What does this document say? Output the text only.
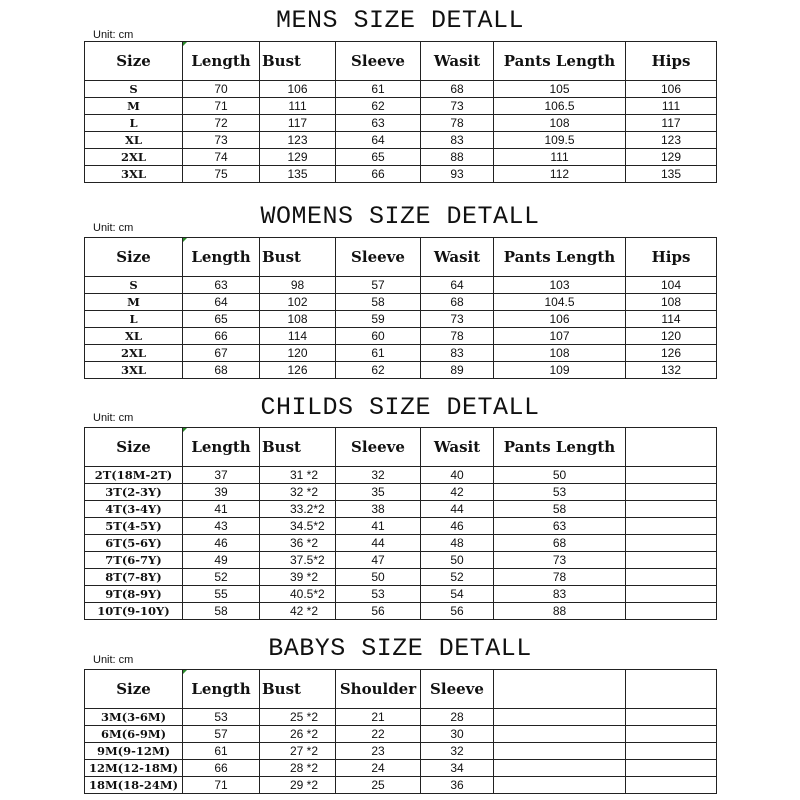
Unit: cm	MENS SIZE DETALL
Size	Length	Bust	Sleeve	Wasit	Pants Length	Hips
S	70	106	61	68	105	106
M	71	111	62	73	106.5	111
L	72	117	63	78	108	117
XL	73	123	64	83	109.5	123
2XL	74	129	65	88	111	129
3XL	75	135	66	93	112	135
Unit: cm	WOMENS SIZE DETALL
Size	Length	Bust	Sleeve	Wasit	Pants Length	Hips
S	63	98	57	64	103	104
M	64	102	58	68	104.5	108
L	65	108	59	73	106	114
XL	66	114	60	78	107	120
2XL	67	120	61	83	108	126
3XL	68	126	62	89	109	132
Unit: cm	CHILDS SIZE DETALL
Size	Length	Bust	Sleeve	Wasit	Pants Length	
2T(18M-2T)	37	31 *2	32	40	50	
3T(2-3Y)	39	32 *2	35	42	53	
4T(3-4Y)	41	33.2*2	38	44	58	
5T(4-5Y)	43	34.5*2	41	46	63	
6T(5-6Y)	46	36 *2	44	48	68	
7T(6-7Y)	49	37.5*2	47	50	73	
8T(7-8Y)	52	39 *2	50	52	78	
9T(8-9Y)	55	40.5*2	53	54	83	
10T(9-10Y)	58	42 *2	56	56	88	
Unit: cm	BABYS SIZE DETALL
Size	Length	Bust	Shoulder	Sleeve		
3M(3-6M)	53	25 *2	21	28		
6M(6-9M)	57	26 *2	22	30		
9M(9-12M)	61	27 *2	23	32		
12M(12-18M)	66	28 *2	24	34		
18M(18-24M)	71	29 *2	25	36		
